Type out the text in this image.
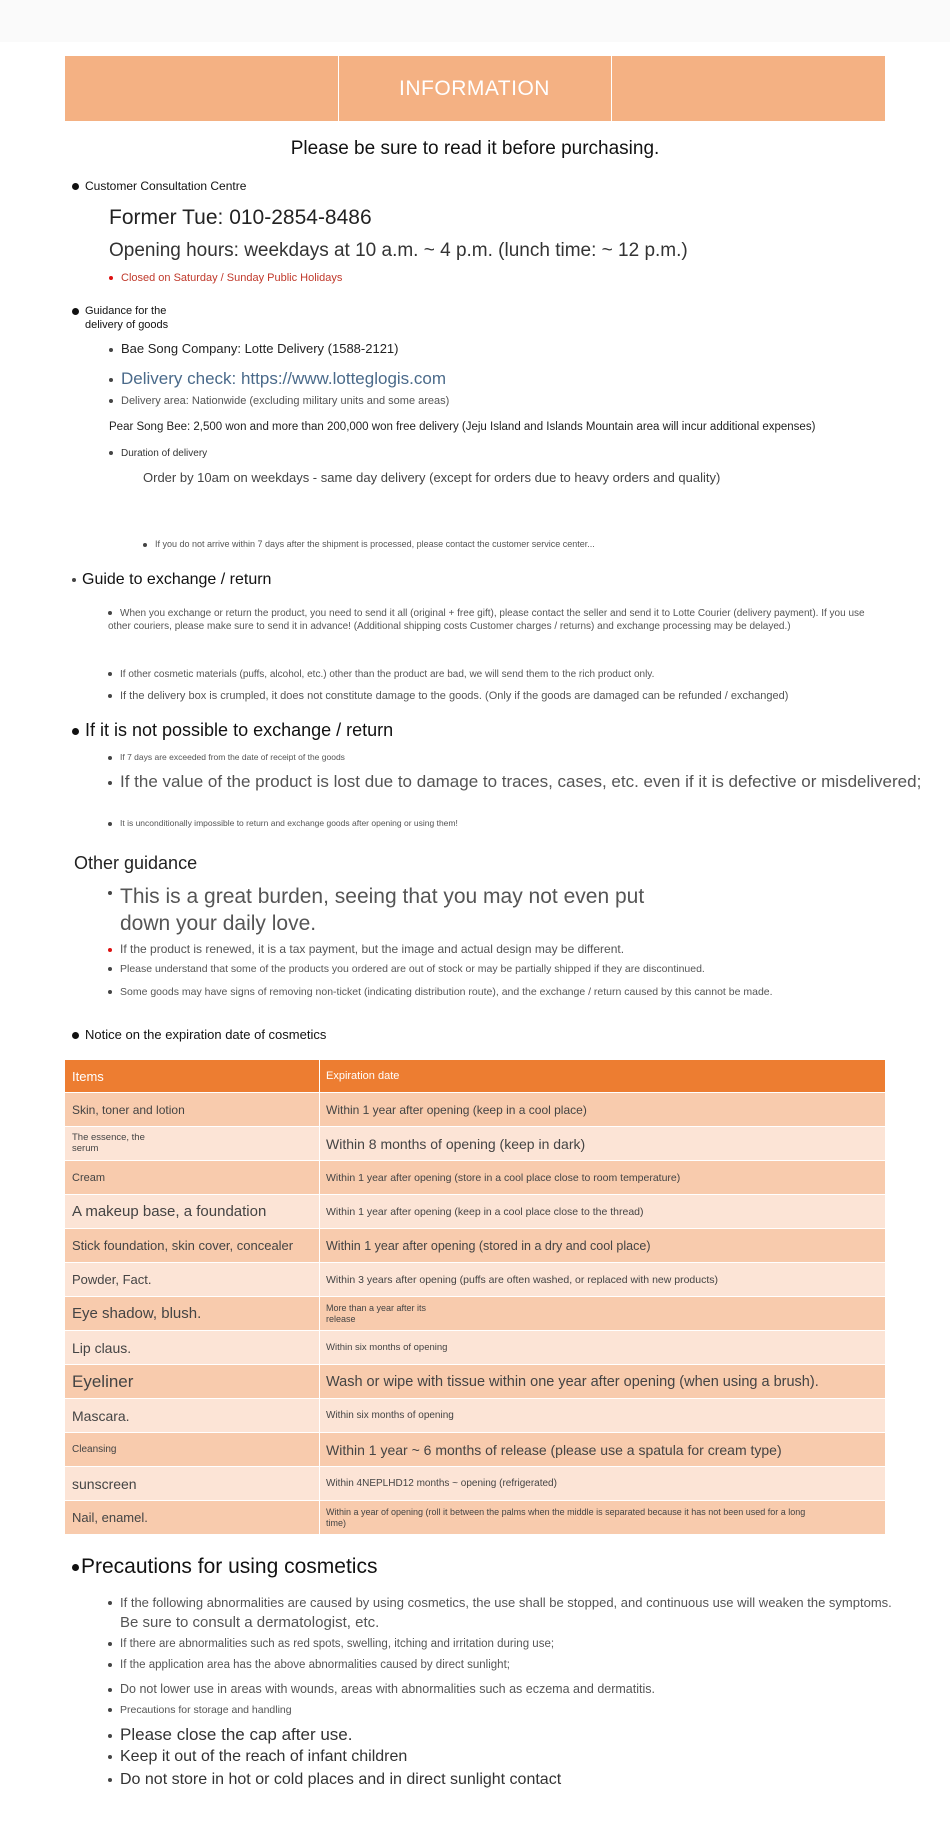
INFORMATION
Please be sure to read it before purchasing.
Customer Consultation Centre
Former Tue: 010-2854-8486
Opening hours: weekdays at 10 a.m. ~ 4 p.m. (lunch time: ~ 12 p.m.)
Closed on Saturday / Sunday Public Holidays
Guidance for the
delivery of goods
Bae Song Company: Lotte Delivery (1588-2121)
Delivery check: https://www.lotteglogis.com
Delivery area: Nationwide (excluding military units and some areas)
Pear Song Bee: 2,500 won and more than 200,000 won free delivery (Jeju Island and Islands Mountain area will incur additional expenses)
Duration of delivery
Order by 10am on weekdays - same day delivery (except for orders due to heavy orders and quality)
If you do not arrive within 7 days after the shipment is processed, please contact the customer service center...
Guide to exchange / return
When you exchange or return the product, you need to send it all (original + free gift), please contact the seller and send it to Lotte Courier (delivery payment). If you use other couriers, please make sure to send it in advance! (Additional shipping costs Customer charges / returns) and exchange processing may be delayed.)
If other cosmetic materials (puffs, alcohol, etc.) other than the product are bad, we will send them to the rich product only.
If the delivery box is crumpled, it does not constitute damage to the goods. (Only if the goods are damaged can be refunded / exchanged)
If it is not possible to exchange / return
If 7 days are exceeded from the date of receipt of the goods
If the value of the product is lost due to damage to traces, cases, etc. even if it is defective or misdelivered;
It is unconditionally impossible to return and exchange goods after opening or using them!
Other guidance
This is a great burden, seeing that you may not even put
down your daily love.
If the product is renewed, it is a tax payment, but the image and actual design may be different.
Please understand that some of the products you ordered are out of stock or may be partially shipped if they are discontinued.
Some goods may have signs of removing non-ticket (indicating distribution route), and the exchange / return caused by this cannot be made.
Notice on the expiration date of cosmetics
Items	Expiration date
Skin, toner and lotion	Within 1 year after opening (keep in a cool place)
The essence, the serum	Within 8 months of opening (keep in dark)
Cream	Within 1 year after opening (store in a cool place close to room temperature)
A makeup base, a foundation	Within 1 year after opening (keep in a cool place close to the thread)
Stick foundation, skin cover, concealer	Within 1 year after opening (stored in a dry and cool place)
Powder, Fact.	Within 3 years after opening (puffs are often washed, or replaced with new products)
Eye shadow, blush.	More than a year after its release
Lip claus.	Within six months of opening
Eyeliner	Wash or wipe with tissue within one year after opening (when using a brush).
Mascara.	Within six months of opening
Cleansing	Within 1 year ~ 6 months of release (please use a spatula for cream type)
sunscreen	Within 4NEPLHD12 months ~ opening (refrigerated)
Nail, enamel.	Within a year of opening (roll it between the palms when the middle is separated because it has not been used for a long time)
Precautions for using cosmetics
If the following abnormalities are caused by using cosmetics, the use shall be stopped, and continuous use will weaken the symptoms.
Be sure to consult a dermatologist, etc.
If there are abnormalities such as red spots, swelling, itching and irritation during use;
If the application area has the above abnormalities caused by direct sunlight;
Do not lower use in areas with wounds, areas with abnormalities such as eczema and dermatitis.
Precautions for storage and handling
Please close the cap after use.
Keep it out of the reach of infant children
Do not store in hot or cold places and in direct sunlight contact
